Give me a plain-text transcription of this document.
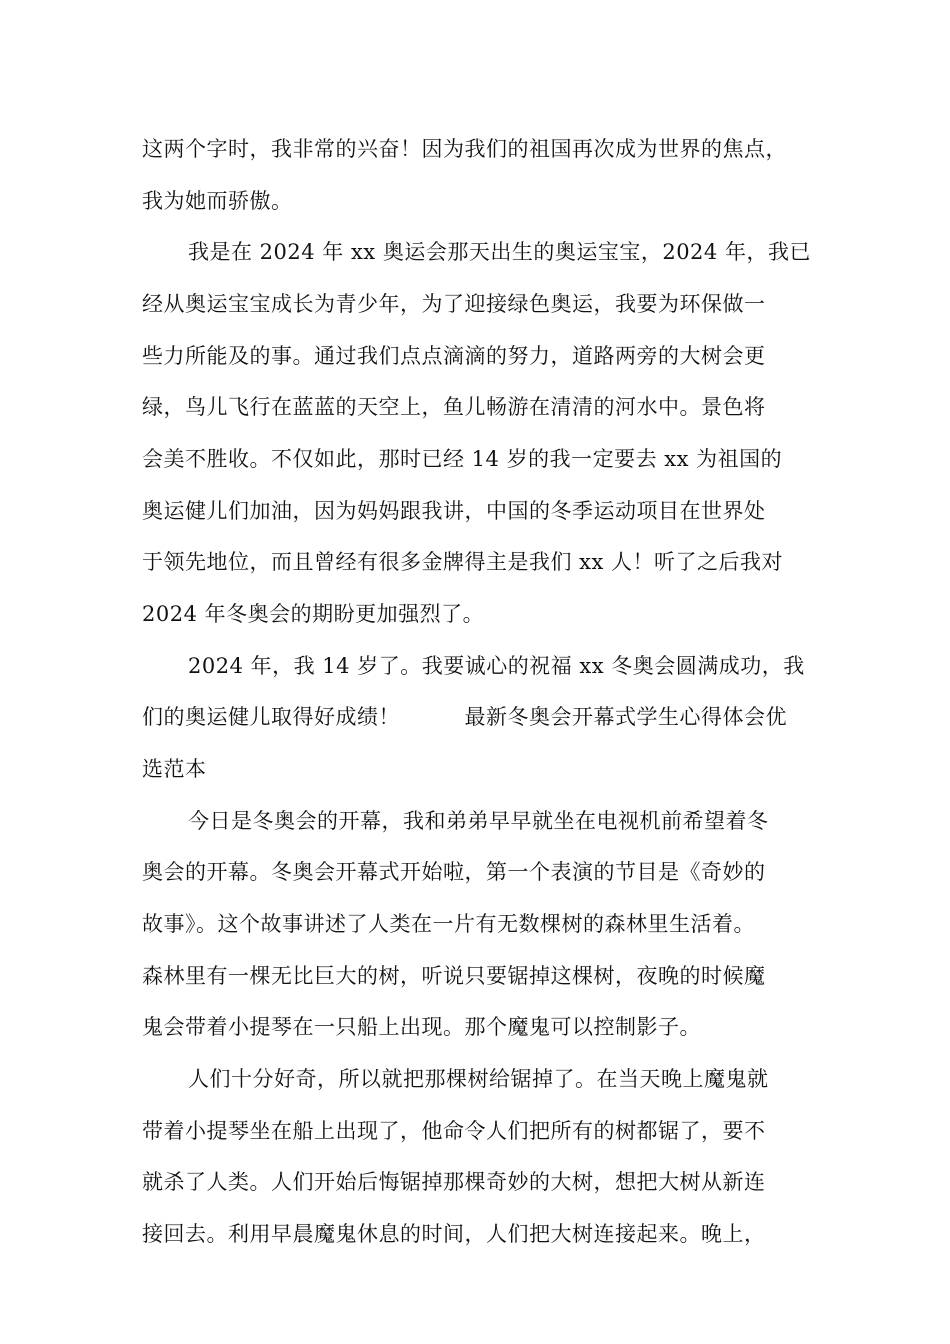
这两个字时，我非常的兴奋！因为我们的祖国再次成为世界的焦点，
我为她而骄傲。
我是在 2024 年 xx 奥运会那天出生的奥运宝宝，2024 年，我已
经从奥运宝宝成长为青少年，为了迎接绿色奥运，我要为环保做一
些力所能及的事。通过我们点点滴滴的努力，道路两旁的大树会更
绿，鸟儿飞行在蓝蓝的天空上，鱼儿畅游在清清的河水中。景色将
会美不胜收。不仅如此，那时已经 14 岁的我一定要去 xx 为祖国的
奥运健儿们加油，因为妈妈跟我讲，中国的冬季运动项目在世界处
于领先地位，而且曾经有很多金牌得主是我们 xx 人！听了之后我对
2024 年冬奥会的期盼更加强烈了。
2024 年，我 14 岁了。我要诚心的祝福 xx 冬奥会圆满成功，我
们的奥运健儿取得好成绩！　　　最新冬奥会开幕式学生心得体会优
选范本
今日是冬奥会的开幕，我和弟弟早早就坐在电视机前希望着冬
奥会的开幕。冬奥会开幕式开始啦，第一个表演的节目是《奇妙的
故事》。这个故事讲述了人类在一片有无数棵树的森林里生活着。
森林里有一棵无比巨大的树，听说只要锯掉这棵树，夜晚的时候魔
鬼会带着小提琴在一只船上出现。那个魔鬼可以控制影子。
人们十分好奇，所以就把那棵树给锯掉了。在当天晚上魔鬼就
带着小提琴坐在船上出现了，他命令人们把所有的树都锯了，要不
就杀了人类。人们开始后悔锯掉那棵奇妙的大树，想把大树从新连
接回去。利用早晨魔鬼休息的时间，人们把大树连接起来。晚上，
